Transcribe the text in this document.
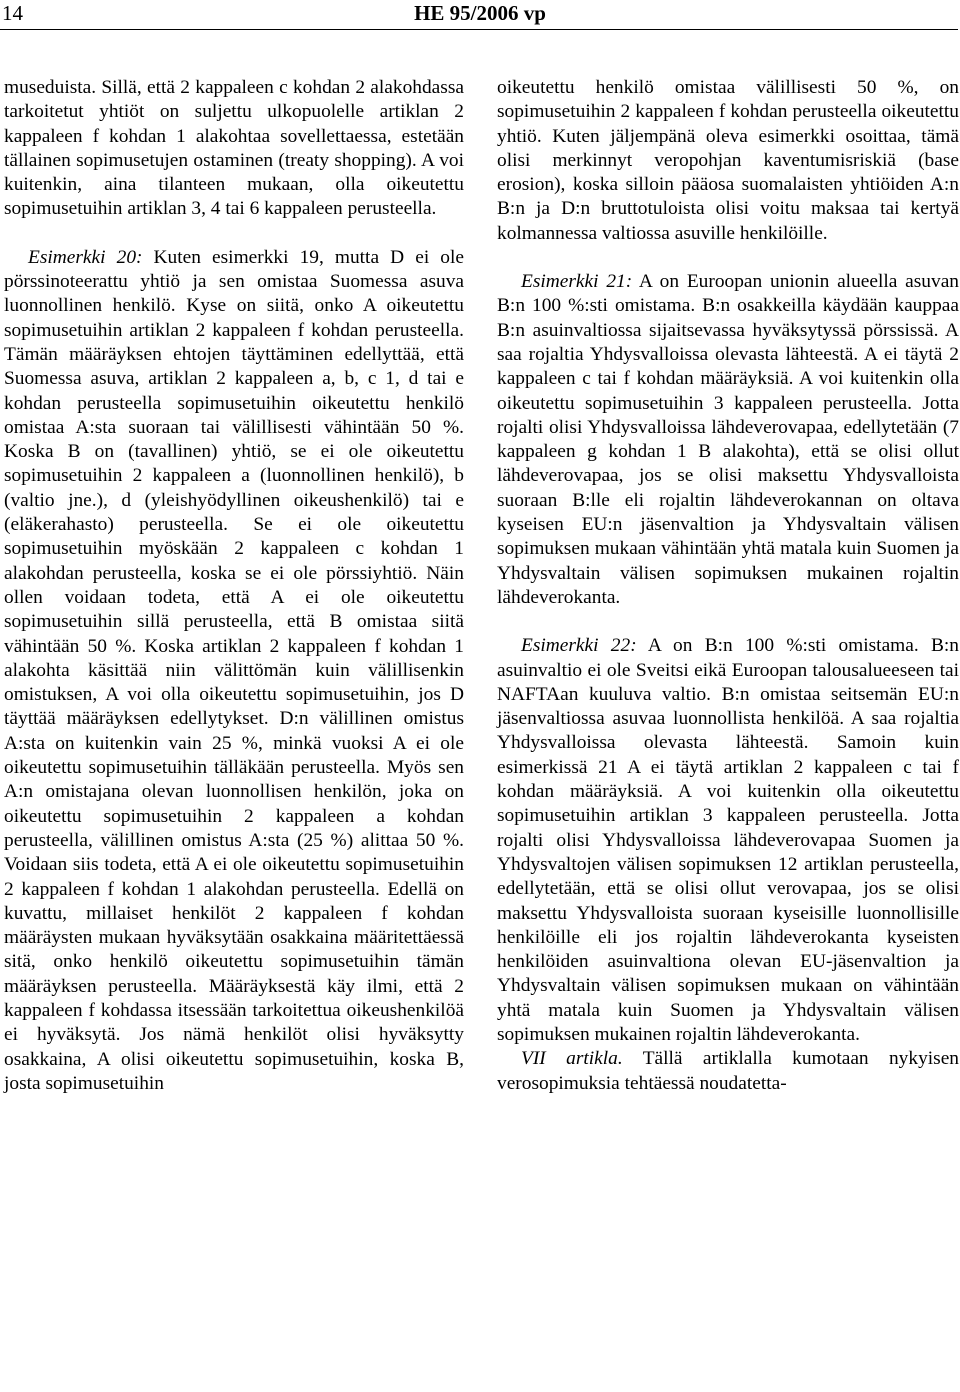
14	HE 95/2006 vp

museduista. Sillä, että 2 kappaleen c kohdan 2 alakohdassa tarkoitetut yhtiöt on suljettu ulkopuolelle artiklan 2 kappaleen f kohdan 1 alakohtaa sovellettaessa, estetään tällainen sopimusetujen ostaminen (treaty shopping). A voi kuitenkin, aina tilanteen mukaan, olla oikeutettu sopimusetuihin artiklan 3, 4 tai 6 kappaleen perusteella.

Esimerkki 20: Kuten esimerkki 19, mutta D ei ole pörssinoteerattu yhtiö ja sen omistaa Suomessa asuva luonnollinen henkilö. Kyse on siitä, onko A oikeutettu sopimusetuihin artiklan 2 kappaleen f kohdan perusteella. Tämän määräyksen ehtojen täyttäminen edellyttää, että Suomessa asuva, artiklan 2 kappaleen a, b, c 1, d tai e kohdan perusteella sopimusetuihin oikeutettu henkilö omistaa A:sta suoraan tai välillisesti vähintään 50 %. Koska B on (tavallinen) yhtiö, se ei ole oikeutettu sopimusetuihin 2 kappaleen a (luonnollinen henkilö), b (valtio jne.), d (yleishyödyllinen oikeushenkilö) tai e (eläkerahasto) perusteella. Se ei ole oikeutettu sopimusetuihin myöskään 2 kappaleen c kohdan 1 alakohdan perusteella, koska se ei ole pörssiyhtiö. Näin ollen voidaan todeta, että A ei ole oikeutettu sopimusetuihin sillä perusteella, että B omistaa siitä vähintään 50 %. Koska artiklan 2 kappaleen f kohdan 1 alakohta käsittää niin välittömän kuin välillisenkin omistuksen, A voi olla oikeutettu sopimusetuihin, jos D täyttää määräyksen edellytykset. D:n välillinen omistus A:sta on kuitenkin vain 25 %, minkä vuoksi A ei ole oikeutettu sopimusetuihin tälläkään perusteella. Myös sen A:n omistajana olevan luonnollisen henkilön, joka on oikeutettu sopimusetuihin 2 kappaleen a kohdan perusteella, välillinen omistus A:sta (25 %) alittaa 50 %. Voidaan siis todeta, että A ei ole oikeutettu sopimusetuihin 2 kappaleen f kohdan 1 alakohdan perusteella. Edellä on kuvattu, millaiset henkilöt 2 kappaleen f kohdan määräysten mukaan hyväksytään osakkaina määritettäessä sitä, onko henkilö oikeutettu sopimusetuihin tämän määräyksen perusteella. Määräyksestä käy ilmi, että 2 kappaleen f kohdassa itsessään tarkoitettua oikeushenkilöä ei hyväksytä. Jos nämä henkilöt olisi hyväksytty osakkaina, A olisi oikeutettu sopimusetuihin, koska B, josta sopimusetuihin

oikeutettu henkilö omistaa välillisesti 50 %, on sopimusetuihin 2 kappaleen f kohdan perusteella oikeutettu yhtiö. Kuten jäljempänä oleva esimerkki osoittaa, tämä olisi merkinnyt veropohjan kaventumisriskiä (base erosion), koska silloin pääosa suomalaisten yhtiöiden A:n B:n ja D:n bruttotuloista olisi voitu maksaa tai kertyä kolmannessa valtiossa asuville henkilöille.

Esimerkki 21: A on Euroopan unionin alueella asuvan B:n 100 %:sti omistama. B:n osakkeilla käydään kauppaa B:n asuinvaltiossa sijaitsevassa hyväksytyssä pörssissä. A saa rojaltia Yhdysvalloissa olevasta lähteestä. A ei täytä 2 kappaleen c tai f kohdan määräyksiä. A voi kuitenkin olla oikeutettu sopimusetuihin 3 kappaleen perusteella. Jotta rojalti olisi Yhdysvalloissa lähdeverovapaa, edellytetään (7 kappaleen g kohdan 1 B alakohta), että se olisi ollut lähdeverovapaa, jos se olisi maksettu Yhdysvalloista suoraan B:lle eli rojaltin lähdeverokannan on oltava kyseisen EU:n jäsenvaltion ja Yhdysvaltain välisen sopimuksen mukaan vähintään yhtä matala kuin Suomen ja Yhdysvaltain välisen sopimuksen mukainen rojaltin lähdeverokanta.

Esimerkki 22: A on B:n 100 %:sti omistama. B:n asuinvaltio ei ole Sveitsi eikä Euroopan talousalueeseen tai NAFTAan kuuluva valtio. B:n omistaa seitsemän EU:n jäsenvaltiossa asuvaa luonnollista henkilöä. A saa rojaltia Yhdysvalloissa olevasta lähteestä. Samoin kuin esimerkissä 21 A ei täytä artiklan 2 kappaleen c tai f kohdan määräyksiä. A voi kuitenkin olla oikeutettu sopimusetuihin artiklan 3 kappaleen perusteella. Jotta rojalti olisi Yhdysvalloissa lähdeverovapaa Suomen ja Yhdysvaltojen välisen sopimuksen 12 artiklan perusteella, edellytetään, että se olisi ollut verovapaa, jos se olisi maksettu Yhdysvalloista suoraan kyseisille luonnollisille henkilöille eli jos rojaltin lähdeverokanta kyseisten henkilöiden asuinvaltiona olevan EU-jäsenvaltion ja Yhdysvaltain välisen sopimuksen mukaan on vähintään yhtä matala kuin Suomen ja Yhdysvaltain välisen sopimuksen mukainen rojaltin lähdeverokanta.

VII artikla. Tällä artiklalla kumotaan nykyisen verosopimuksia tehtäessä noudatetta-
